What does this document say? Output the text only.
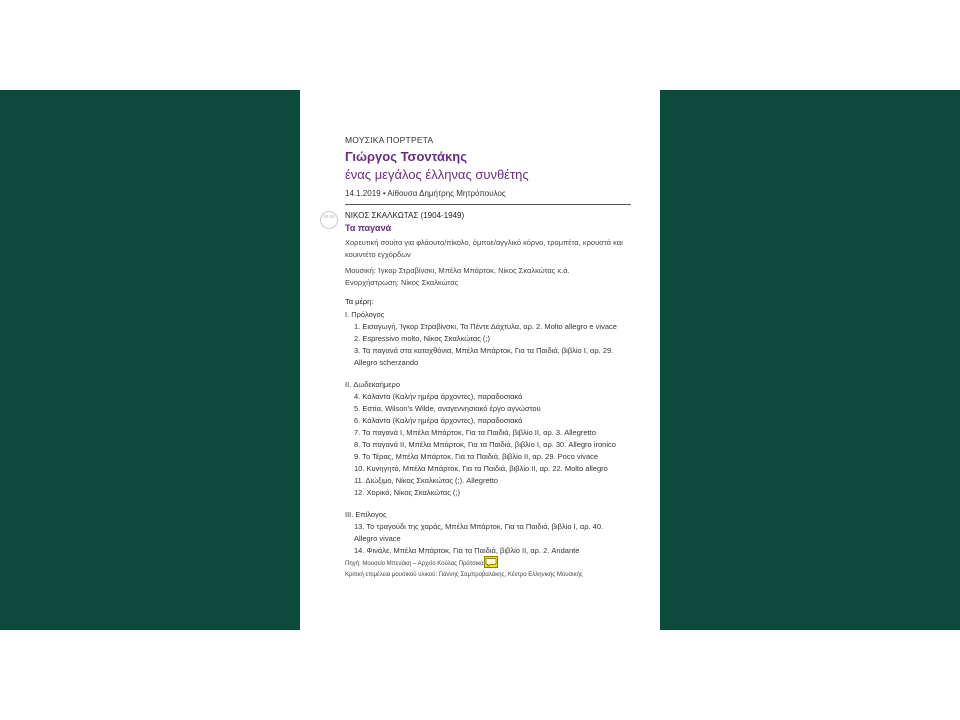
ΜΟΥΣΙΚΑ ΠΟΡΤΡΕΤΑ
Γιώργος Τσοντάκης
ένας μεγάλος έλληνας συνθέτης
14.1.2019 • Αίθουσα Δημήτρης Μητρόπουλος
20 19	ΝΙΚΟΣ ΣΚΑΛΚΩΤΑΣ (1904-1949)
Τα παγανά
Χορευτική σουίτα για φλάουτο/πίκολο, όμποε/αγγλικό κόρνο, τρομπέτα, κρουστά και κουιντέτο εγχόρδων
Μουσική: Ίγκορ Στραβίνσκι, Μπέλα Μπάρτοκ, Νίκος Σκαλκώτας κ.ά.
Ενορχήστρωση: Νίκος Σκαλκώτας
Τα μέρη:
I. Πρόλογος
1. Εισαγωγή, Ίγκορ Στραβίνσκι, Τα Πέντε Δάχτυλα, αρ. 2. Molto allegro e vivace
2. Espressivo molto, Νίκος Σκαλκώτας (;)
3. Τα παγανά στα καταχθόνια, Μπέλα Μπάρτοκ, Για τα Παιδιά, βιβλίο Ι, αρ. 29.
Allegro scherzando
II. Δωδεκαήμερο
4. Κάλαντα (Καλήν ημέρα άρχοντες), παραδοσιακό
5. Εστία, Wilson's Wilde, αναγεννησιακό έργο αγνώστου
6. Κάλαντα (Καλήν ημέρα άρχοντες), παραδοσιακό
7. Τα παγανά Ι, Μπέλα Μπάρτοκ, Για τα Παιδιά, βιβλίο ΙΙ, αρ. 3. Allegretto
8. Τα παγανά ΙΙ, Μπέλα Μπάρτοκ, Για τα Παιδιά, βιβλίο Ι, αρ. 30. Allegro ironico
9. Το Τέρας, Μπέλα Μπάρτοκ, Για τα Παιδιά, βιβλίο ΙΙ, αρ. 29. Poco vivace
10. Κυνηγητό, Μπέλα Μπάρτοκ, Για τα Παιδιά, βιβλίο ΙΙ, αρ. 22. Molto allegro
11. Διώξιμο, Νίκος Σκαλκώτας (;). Allegretto
12. Χορικό, Νίκος Σκαλκώτας (;)
III. Επίλογος
13. Το τραγούδι της χαράς, Μπέλα Μπάρτοκ, Για τα Παιδιά, βιβλίο Ι, αρ. 40.
Allegro vivace
14. Φινάλε, Μπέλα Μπάρτοκ, Για τα Παιδιά, βιβλίο ΙΙ, αρ. 2. Andante
Πηγή: Μουσείο Μπενάκη – Αρχείο Κούλας Πράτσικα
Κριτική επιμέλεια μουσικού υλικού: Γιάννης Σαμπροβαλάκης, Κέντρο Ελληνικής Μουσικής
